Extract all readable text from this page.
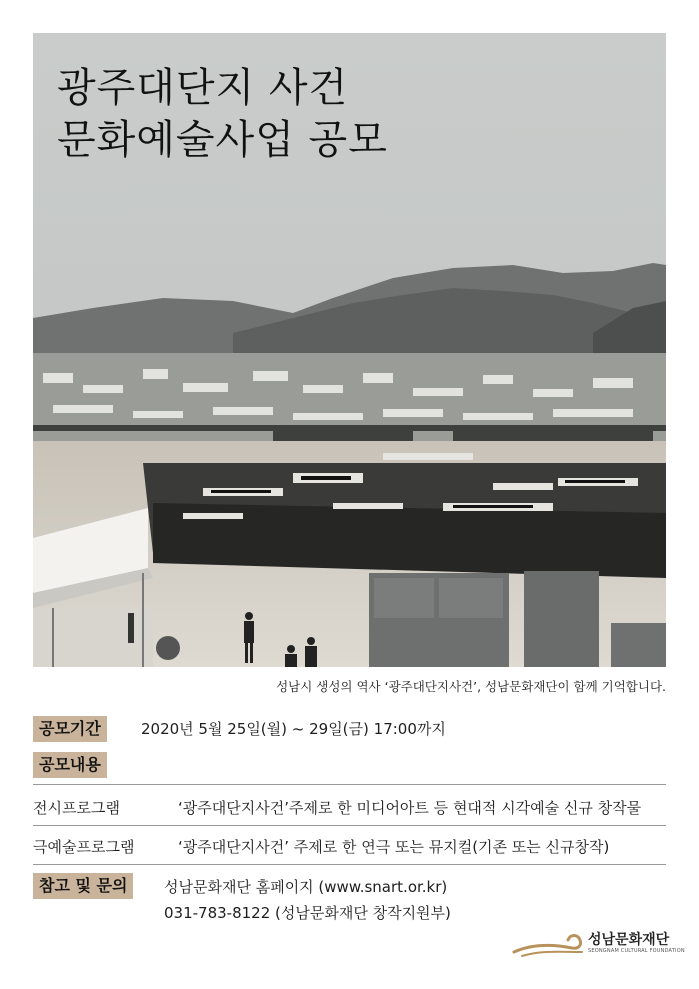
광주대단지 사건
문화예술사업 공모
성남시 생성의 역사 ‘광주대단지사건’, 성남문화재단이 함께 기억합니다.
공모기간	2020년 5월 25일(월) ~ 29일(금) 17:00까지
공모내용
전시프로그램	‘광주대단지사건’주제로 한 미디어아트 등 현대적 시각예술 신규 창작물
극예술프로그램	‘광주대단지사건’ 주제로 한 연극 또는 뮤지컬(기존 또는 신규창작)
참고 및 문의	성남문화재단 홈페이지 (www.snart.or.kr)
031-783-8122 (성남문화재단 창작지원부)
성남문화재단
SEONGNAM CULTURAL FOUNDATION
